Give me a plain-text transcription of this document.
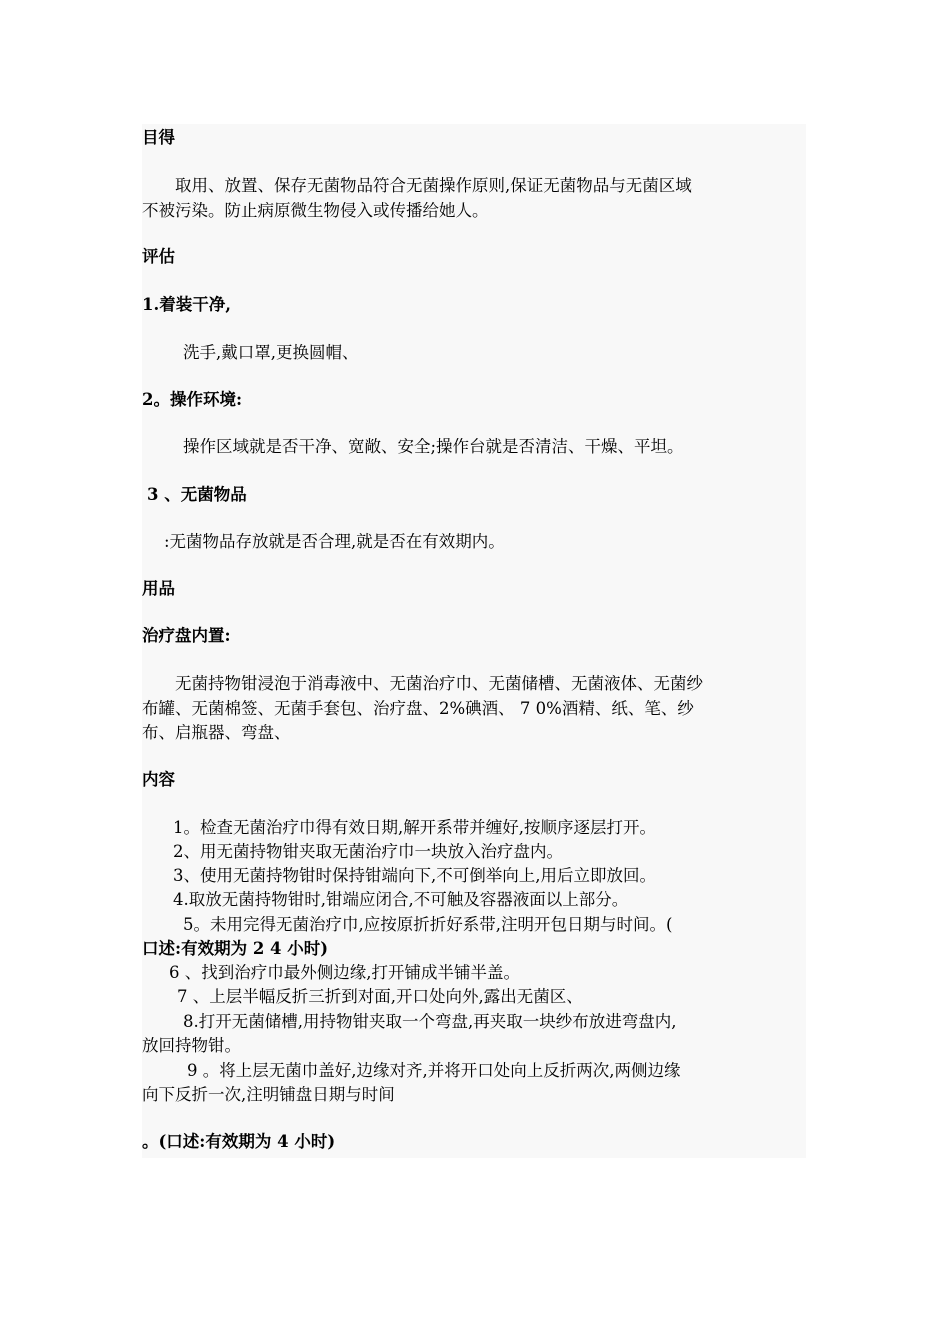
目得
取用、放置、保存无菌物品符合无菌操作原则,保证无菌物品与无菌区域
不被污染。防止病原微生物侵入或传播给她人。
评估
1.着装干净,
洗手,戴口罩,更换圆帽、
2。操作环境:
操作区域就是否干净、宽敞、安全;操作台就是否清洁、干燥、平坦。
3 、无菌物品
:无菌物品存放就是否合理,就是否在有效期内。
用品
治疗盘内置:
无菌持物钳浸泡于消毒液中、无菌治疗巾、无菌储槽、无菌液体、无菌纱
布罐、无菌棉签、无菌手套包、治疗盘、2%碘酒、 7 0%酒精、纸、笔、纱
布、启瓶器、弯盘、
内容
1。检查无菌治疗巾得有效日期,解开系带并缠好,按顺序逐层打开。
2、用无菌持物钳夹取无菌治疗巾一块放入治疗盘内。
3、使用无菌持物钳时保持钳端向下,不可倒举向上,用后立即放回。
4.取放无菌持物钳时,钳端应闭合,不可触及容器液面以上部分。
5。未用完得无菌治疗巾,应按原折折好系带,注明开包日期与时间。(
口述:有效期为 2 4 小时)
6 、找到治疗巾最外侧边缘,打开铺成半铺半盖。
7 、上层半幅反折三折到对面,开口处向外,露出无菌区、
8.打开无菌储槽,用持物钳夹取一个弯盘,再夹取一块纱布放进弯盘内,
放回持物钳。
9 。将上层无菌巾盖好,边缘对齐,并将开口处向上反折两次,两侧边缘
向下反折一次,注明铺盘日期与时间
。(口述:有效期为 4 小时)
